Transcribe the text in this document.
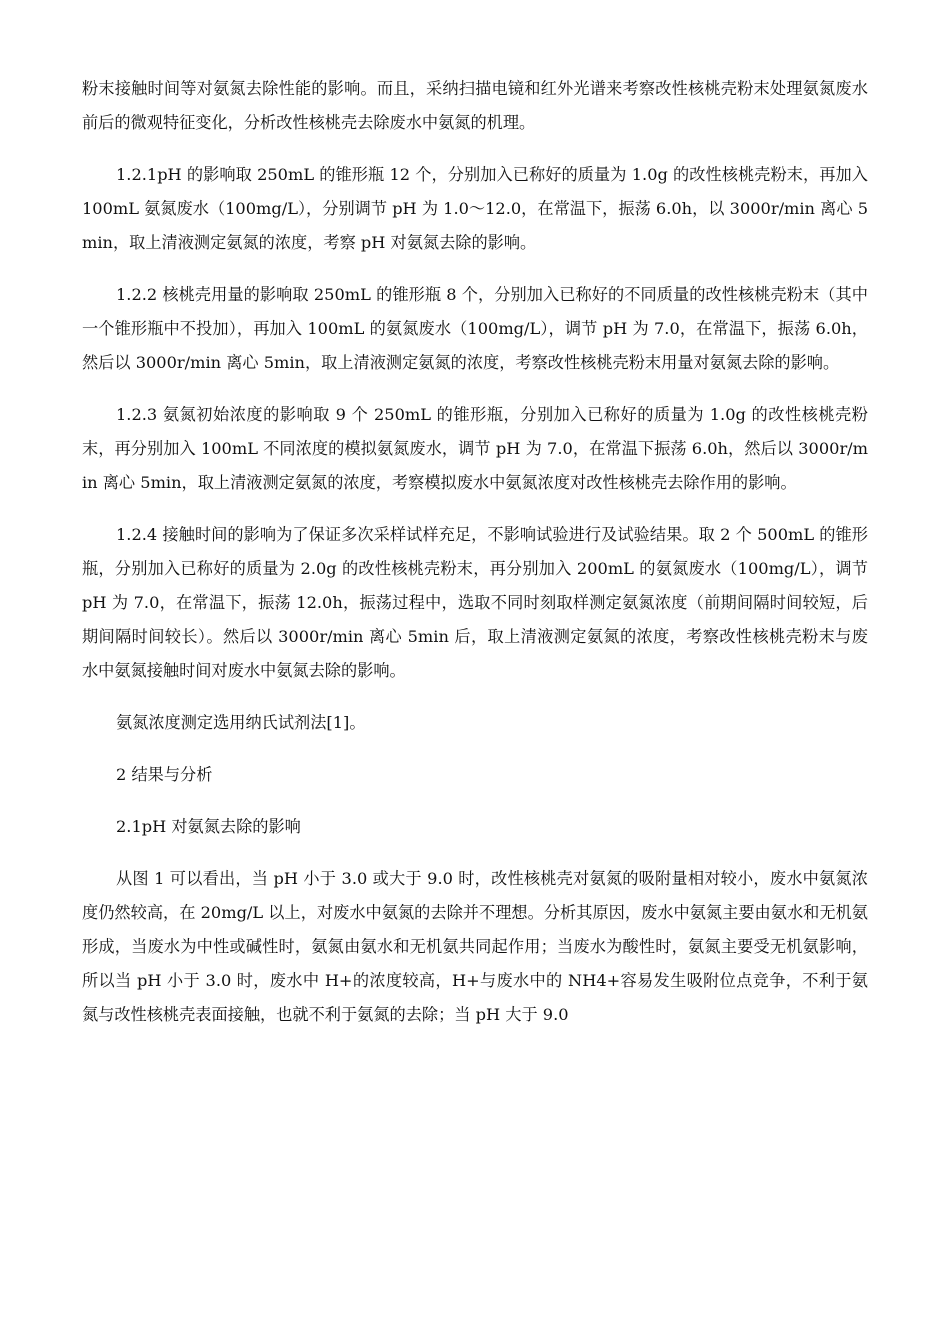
粉末接触时间等对氨氮去除性能的影响。而且，采纳扫描电镜和红外光谱来考察改性核桃壳粉末处理氨氮废水前后的微观特征变化，分析改性核桃壳去除废水中氨氮的机理。

1.2.1pH 的影响取 250mL 的锥形瓶 12 个，分别加入已称好的质量为 1.0g 的改性核桃壳粉末，再加入 100mL 氨氮废水（100mg/L），分别调节 pH 为 1.0～12.0，在常温下，振荡 6.0h，以 3000r/min 离心 5min，取上清液测定氨氮的浓度，考察 pH 对氨氮去除的影响。

1.2.2 核桃壳用量的影响取 250mL 的锥形瓶 8 个，分别加入已称好的不同质量的改性核桃壳粉末（其中一个锥形瓶中不投加），再加入 100mL 的氨氮废水（100mg/L），调节 pH 为 7.0，在常温下，振荡 6.0h，然后以 3000r/min 离心 5min，取上清液测定氨氮的浓度，考察改性核桃壳粉末用量对氨氮去除的影响。

1.2.3 氨氮初始浓度的影响取 9 个 250mL 的锥形瓶，分别加入已称好的质量为 1.0g 的改性核桃壳粉末，再分别加入 100mL 不同浓度的模拟氨氮废水，调节 pH 为 7.0，在常温下振荡 6.0h，然后以 3000r/min 离心 5min，取上清液测定氨氮的浓度，考察模拟废水中氨氮浓度对改性核桃壳去除作用的影响。

1.2.4 接触时间的影响为了保证多次采样试样充足，不影响试验进行及试验结果。取 2 个 500mL 的锥形瓶，分别加入已称好的质量为 2.0g 的改性核桃壳粉末，再分别加入 200mL 的氨氮废水（100mg/L），调节 pH 为 7.0，在常温下，振荡 12.0h，振荡过程中，选取不同时刻取样测定氨氮浓度（前期间隔时间较短，后期间隔时间较长）。然后以 3000r/min 离心 5min 后，取上清液测定氨氮的浓度，考察改性核桃壳粉末与废水中氨氮接触时间对废水中氨氮去除的影响。

氨氮浓度测定选用纳氏试剂法[1]。

2 结果与分析

2.1pH 对氨氮去除的影响

从图 1 可以看出，当 pH 小于 3.0 或大于 9.0 时，改性核桃壳对氨氮的吸附量相对较小，废水中氨氮浓度仍然较高，在 20mg/L 以上，对废水中氨氮的去除并不理想。分析其原因，废水中氨氮主要由氨水和无机氨形成，当废水为中性或碱性时，氨氮由氨水和无机氨共同起作用；当废水为酸性时，氨氮主要受无机氨影响，所以当 pH 小于 3.0 时，废水中 H+的浓度较高，H+与废水中的 NH4+容易发生吸附位点竞争，不利于氨氮与改性核桃壳表面接触，也就不利于氨氮的去除；当 pH 大于 9.0
